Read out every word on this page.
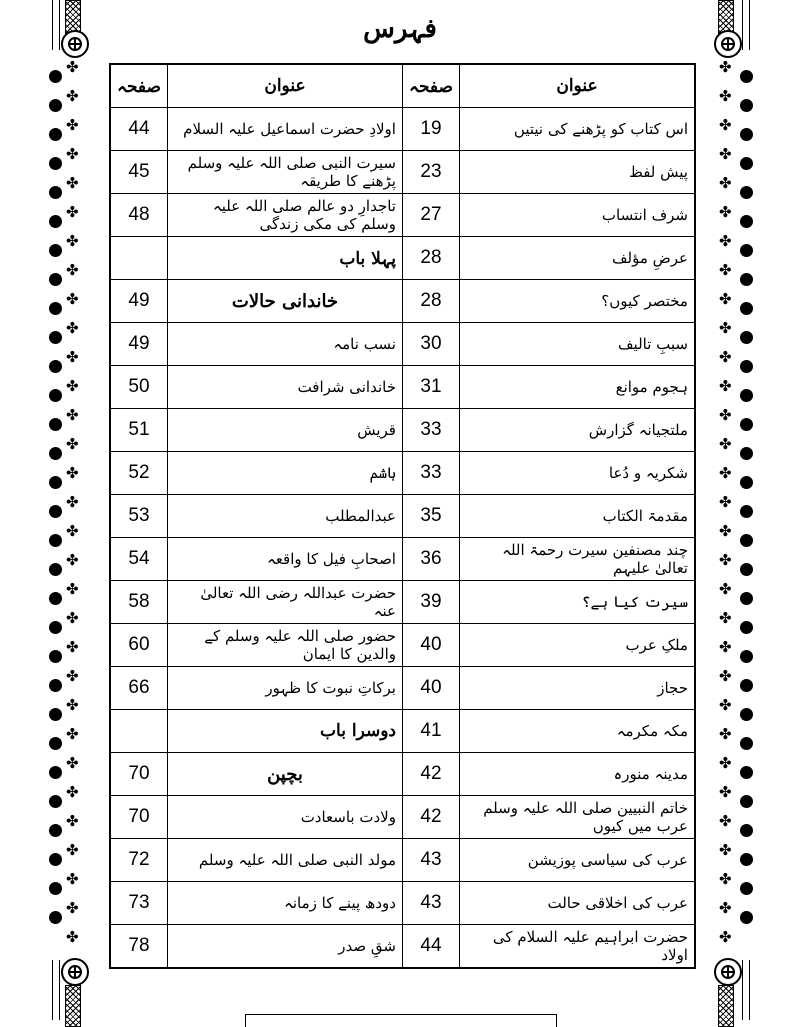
✤
✤
✤
✤
✤
✤
✤
✤
✤
✤
✤
✤
✤
✤
✤
✤
✤
✤
✤
✤
✤
✤
✤
✤
✤
✤
✤
✤
✤
✤
✤
✤
✤
✤
✤
✤
✤
✤
✤
✤
✤
✤
✤
✤
✤
✤
✤
✤
✤
✤
✤
✤
✤
✤
✤
✤
✤
✤
✤
✤
✤
✤
فہرس
صفحہ	عنوان	صفحہ	عنوان
44	اولادِ حضرت اسماعیل علیہ السلام	19	اس کتاب کو پڑھنے کی نیتیں
45	سیرت النبی صلی اللہ علیہ وسلم پڑھنے کا طریقہ	23	پیش لفظ
48	تاجدارِ دو عالم صلی اللہ علیہ وسلم کی مکی زندگی	27	شرف انتساب
	پہلا باب	28	عرضِ مؤلف
49	خاندانی حالات	28	مختصر کیوں؟
49	نسب نامہ	30	سببِ تالیف
50	خاندانی شرافت	31	ہجوم موانع
51	قریش	33	ملتجیانہ گزارش
52	ہاشم	33	شکریہ و دُعا
53	عبدالمطلب	35	مقدمۃ الکتاب
54	اصحابِ فیل کا واقعہ	36	چند مصنفین سیرت رحمۃ اللہ تعالیٰ علیہم
58	حضرت عبداللہ رضی اللہ تعالیٰ عنہ	39	سیرت کیا ہے؟
60	حضور صلی اللہ علیہ وسلم کے والدین کا ایمان	40	ملکِ عرب
66	برکاتِ نبوت کا ظہور	40	حجاز
	دوسرا باب	41	مکہ مکرمہ
70	بچپن	42	مدینہ منورہ
70	ولادت باسعادت	42	خاتم النبیین صلی اللہ علیہ وسلم عرب میں کیوں
72	مولد النبی صلی اللہ علیہ وسلم	43	عرب کی سیاسی پوزیشن
73	دودھ پینے کا زمانہ	43	عرب کی اخلاقی حالت
78	شقِ صدر	44	حضرت ابراہیم علیہ السلام کی اولاد
